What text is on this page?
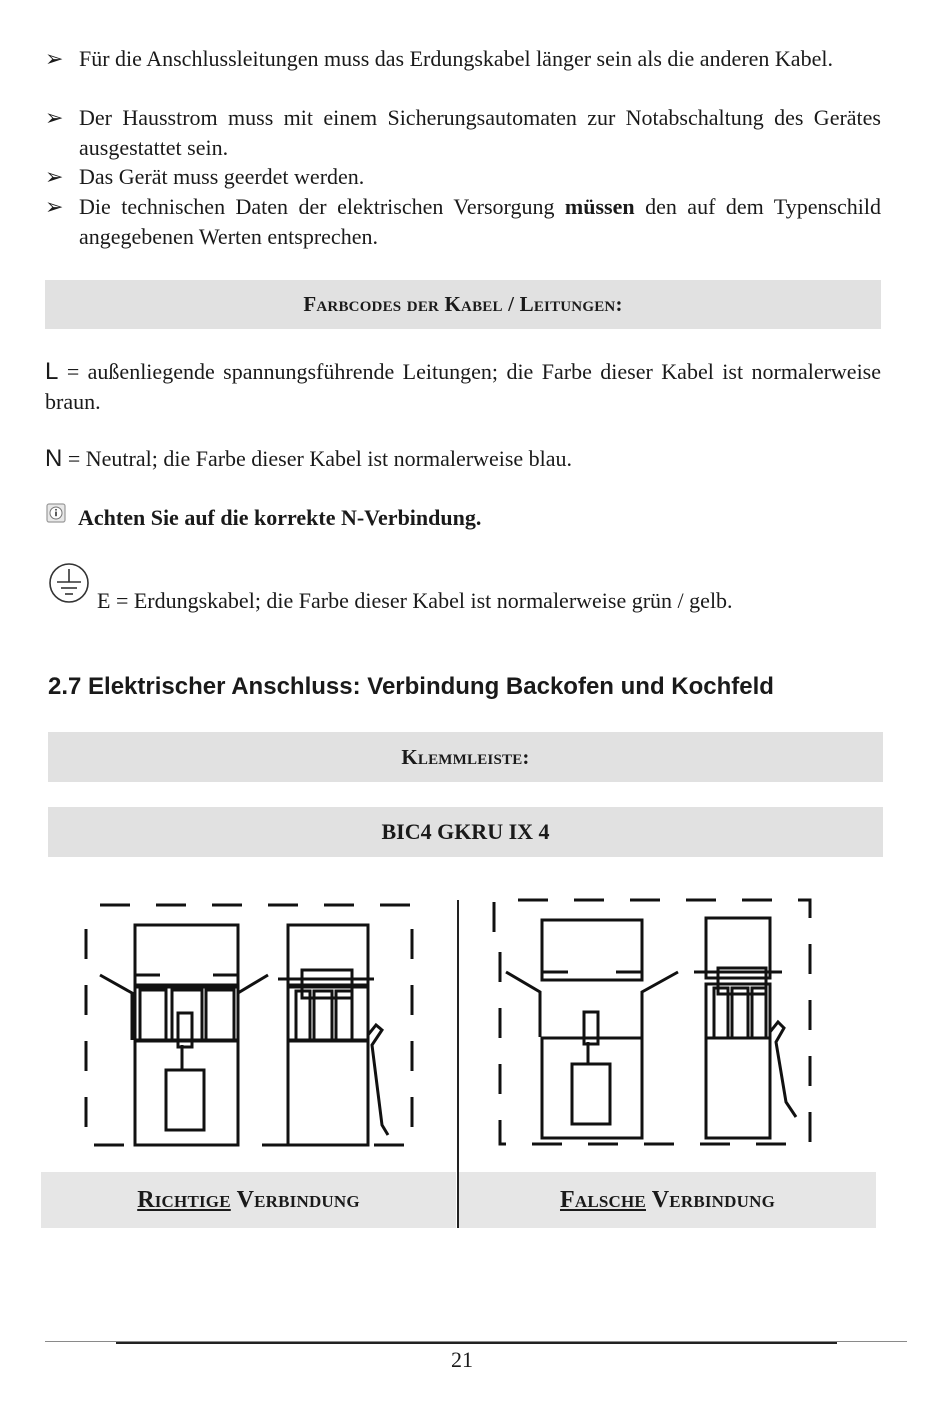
➢ Für die Anschlussleitungen muss das Erdungskabel länger sein als die anderen Kabel.
➢ Der Hausstrom muss mit einem Sicherungsautomaten zur Notabschaltung des Gerätes ausgestattet sein.
➢ Das Gerät muss geerdet werden.
➢ Die technischen Daten der elektrischen Versorgung müssen den auf dem Typenschild angegebenen Werten entsprechen.
Farbcodes der Kabel / Leitungen:
L = außenliegende spannungsführende Leitungen; die Farbe dieser Kabel ist normalerweise braun.
N = Neutral; die Farbe dieser Kabel ist normalerweise blau.
Achten Sie auf die korrekte N-Verbindung.
E = Erdungskabel; die Farbe dieser Kabel ist normalerweise grün / gelb.
2.7 Elektrischer Anschluss: Verbindung Backofen und Kochfeld
Klemmleiste:
BIC4 GKRU IX 4
Richtige Verbindung	Falsche Verbindung
21
